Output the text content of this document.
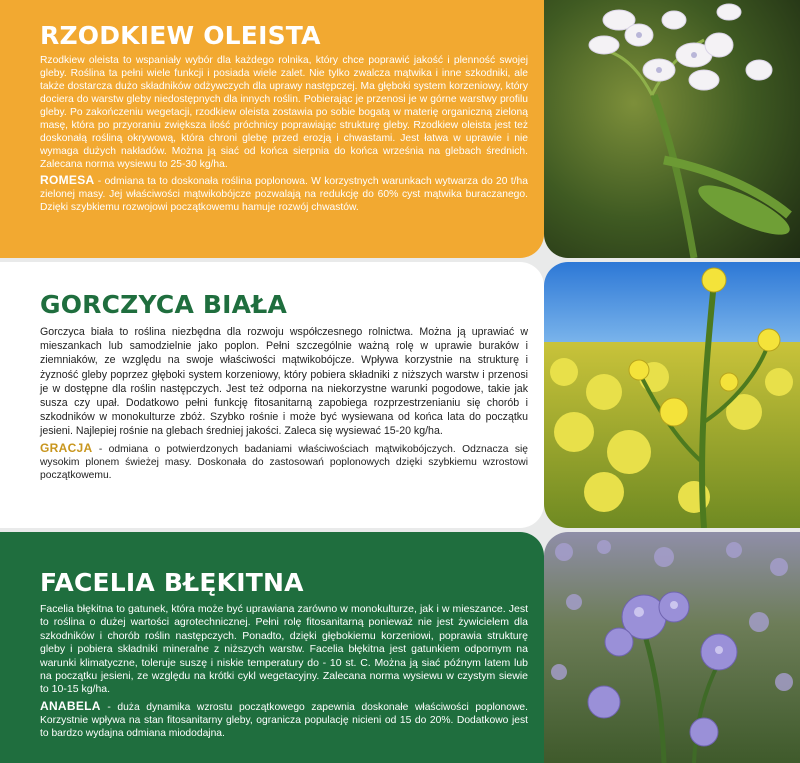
RZODKIEW OLEISTA

Rzodkiew oleista to wspaniały wybór dla każdego rolnika, który chce poprawić jakość i plenność swojej gleby. Roślina ta pełni wiele funkcji i posiada wiele zalet. Nie tylko zwalcza mątwika i inne szkodniki, ale także dostarcza dużo składników odżywczych dla uprawy następczej. Ma głęboki system korzeniowy, który dociera do warstw gleby niedostępnych dla innych roślin. Pobierając je przenosi je w górne warstwy profilu gleby. Po zakończeniu wegetacji, rzodkiew oleista zostawia po sobie bogatą w materię organiczną zieloną masę, która po przyoraniu zwiększa ilość próchnicy poprawiając strukturę gleby. Rzodkiew oleista jest też doskonałą rośliną okrywową, która chroni glebę przed erozją i chwastami. Jest łatwa w uprawie i nie wymaga dużych nakładów. Można ją siać od końca sierpnia do końca września na glebach średnich. Zalecana norma wysiewu to 25-30 kg/ha.

ROMESA - odmiana ta to doskonała roślina poplonowa. W korzystnych warunkach wytwarza do 20 t/ha zielonej masy. Jej właściwości mątwikobójcze pozwalają na redukcję do 60% cyst mątwika buraczanego. Dzięki szybkiemu rozwojowi początkowemu hamuje rozwój chwastów.

GORCZYCA BIAŁA

Gorczyca biała to roślina niezbędna dla rozwoju współczesnego rolnictwa. Można ją uprawiać w mieszankach lub samodzielnie jako poplon. Pełni szczególnie ważną rolę w uprawie buraków i ziemniaków, ze względu na swoje właściwości mątwikobójcze. Wpływa korzystnie na strukturę i żyzność gleby poprzez głęboki system korzeniowy, który pobiera składniki z niższych warstw i przenosi je w dostępne dla roślin następczych. Jest też odporna na niekorzystne warunki pogodowe, takie jak susza czy upał. Dodatkowo pełni funkcję fitosanitarną zapobiega rozprzestrzenianiu się chorób i szkodników w monokulturze zbóż. Szybko rośnie i może być wysiewana od końca lata do początku jesieni. Najlepiej rośnie na glebach średniej jakości. Zaleca się wysiewać 15-20 kg/ha.

GRACJA - odmiana o potwierdzonych badaniami właściwościach mątwikobójczych. Odznacza się wysokim plonem świeżej masy. Doskonała do zastosowań poplonowych dzięki szybkiemu wzrostowi początkowemu.

FACELIA BŁĘKITNA

Facelia błękitna to gatunek, która może być uprawiana zarówno w monokulturze, jak i w mieszance. Jest to roślina o dużej wartości agrotechnicznej. Pełni rolę fitosanitarną ponieważ nie jest żywicielem dla szkodników i chorób roślin następczych. Ponadto, dzięki głębokiemu korzeniowi, poprawia strukturę gleby i pobiera składniki mineralne z niższych warstw. Facelia błękitna jest gatunkiem odpornym na warunki klimatyczne, toleruje suszę i niskie temperatury do - 10 st. C. Można ją siać późnym latem lub na początku jesieni, ze względu na krótki cykl wegetacyjny. Zalecana norma wysiewu w czystym siewie to 10-15 kg/ha.

ANABELA - duża dynamika wzrostu początkowego zapewnia doskonałe właściwości poplonowe. Korzystnie wpływa na stan fitosanitarny gleby, ogranicza populację nicieni od 15 do 20%. Dodatkowo jest to bardzo wydajna odmiana miododajna.
